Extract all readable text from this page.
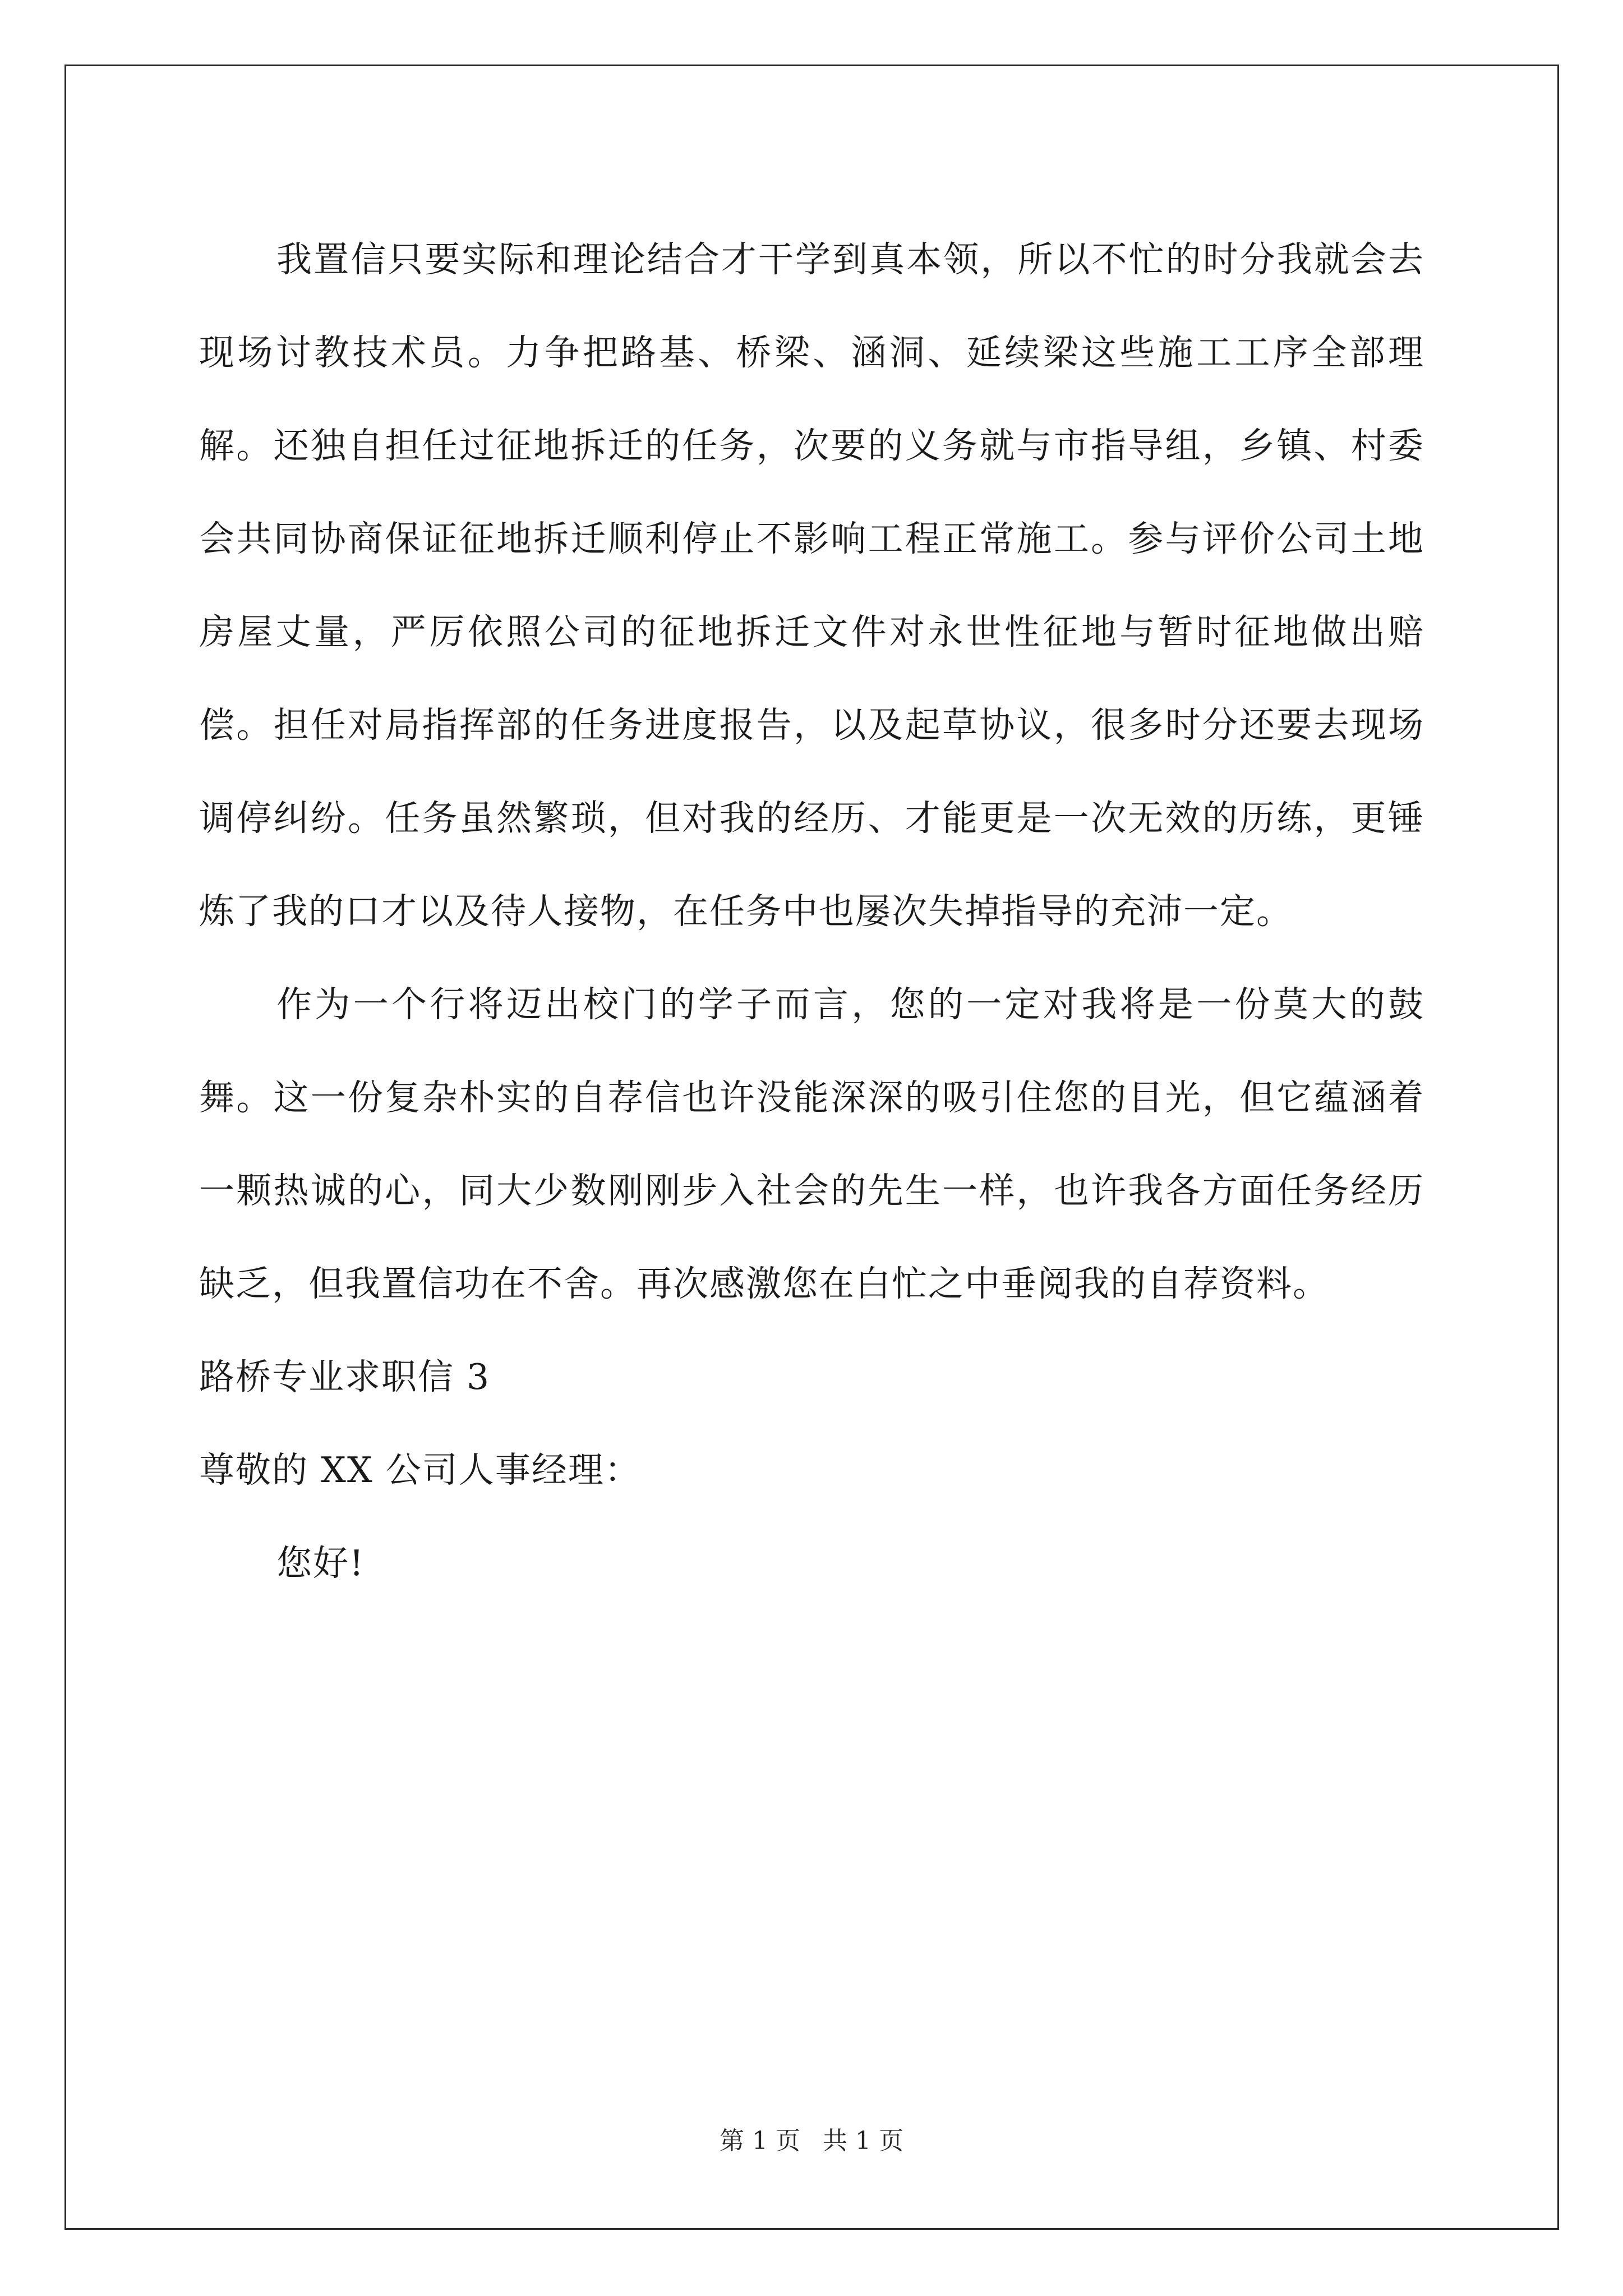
我置信只要实际和理论结合才干学到真本领，所以不忙的时分我就会去现场讨教技术员。力争把路基、桥梁、涵洞、延续梁这些施工工序全部理解。还独自担任过征地拆迁的任务，次要的义务就与市指导组，乡镇、村委会共同协商保证征地拆迁顺利停止不影响工程正常施工。参与评价公司土地房屋丈量，严厉依照公司的征地拆迁文件对永世性征地与暂时征地做出赔偿。担任对局指挥部的任务进度报告，以及起草协议，很多时分还要去现场调停纠纷。任务虽然繁琐，但对我的经历、才能更是一次无效的历练，更锤炼了我的口才以及待人接物，在任务中也屡次失掉指导的充沛一定。

作为一个行将迈出校门的学子而言，您的一定对我将是一份莫大的鼓舞。这一份复杂朴实的自荐信也许没能深深的吸引住您的目光，但它蕴涵着一颗热诚的心，同大少数刚刚步入社会的先生一样，也许我各方面任务经历缺乏，但我置信功在不舍。再次感激您在白忙之中垂阅我的自荐资料。

路桥专业求职信 3

尊敬的 XX 公司人事经理：

您好!

第 1 页 共 1 页
